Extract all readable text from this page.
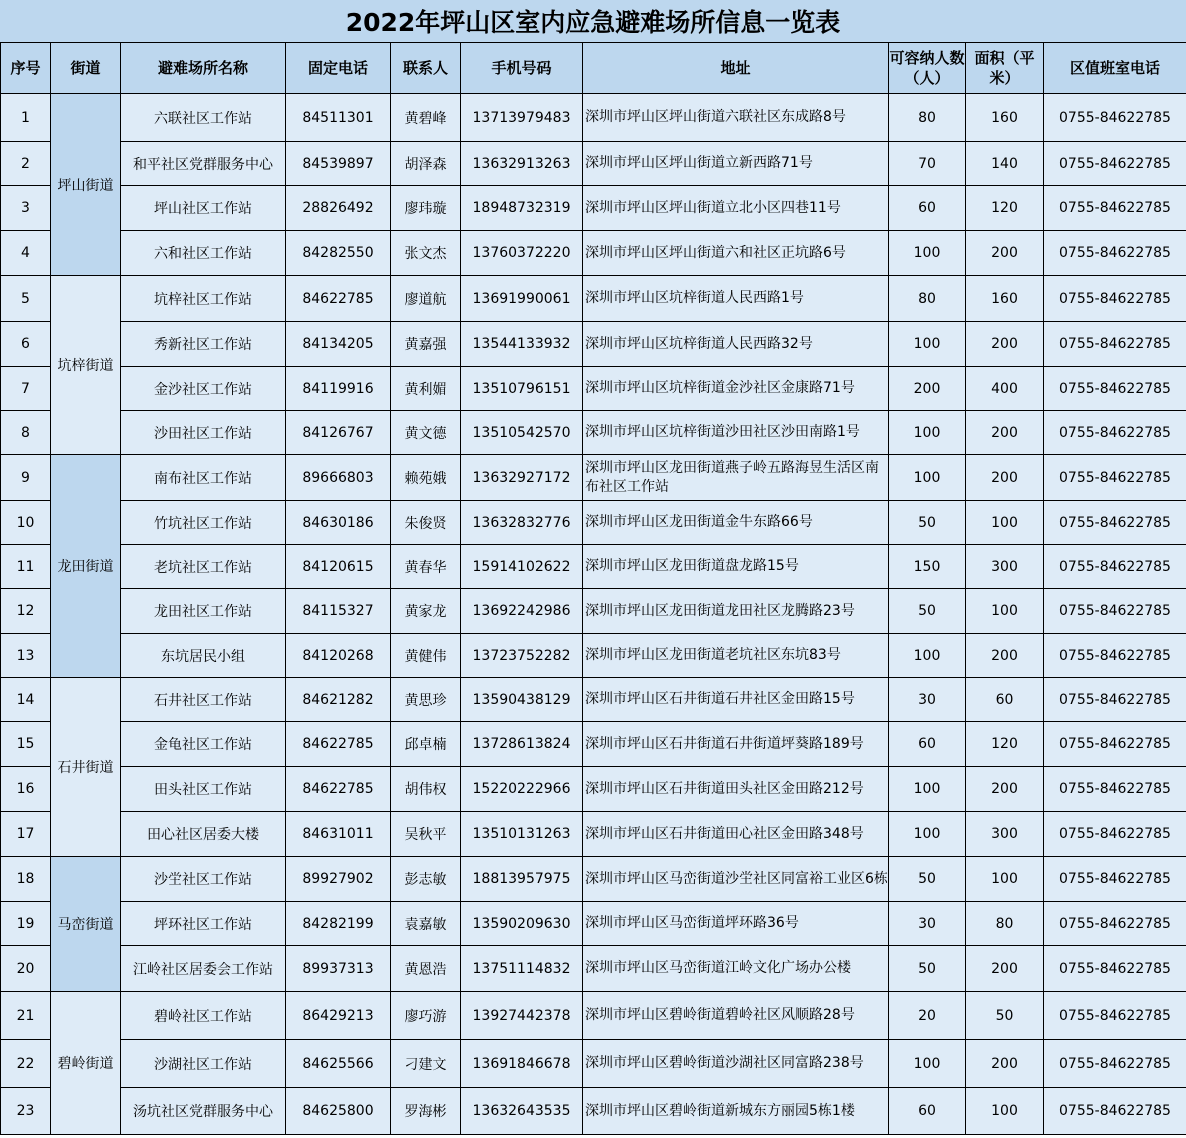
2022年坪山区室内应急避难场所信息一览表
序号	街道	避难场所名称	固定电话	联系人	手机号码	地址	可容纳人数（人）	面积（平米）	区值班室电话
1	坪山街道	六联社区工作站	84511301	黄碧峰	13713979483	深圳市坪山区坪山街道六联社区东成路8号	80	160	0755-84622785
2		和平社区党群服务中心	84539897	胡泽森	13632913263	深圳市坪山区坪山街道立新西路71号	70	140	0755-84622785
3		坪山社区工作站	28826492	廖玮璇	18948732319	深圳市坪山区坪山街道立北小区四巷11号	60	120	0755-84622785
4		六和社区工作站	84282550	张文杰	13760372220	深圳市坪山区坪山街道六和社区正坑路6号	100	200	0755-84622785
5	坑梓街道	坑梓社区工作站	84622785	廖道航	13691990061	深圳市坪山区坑梓街道人民西路1号	80	160	0755-84622785
6		秀新社区工作站	84134205	黄嘉强	13544133932	深圳市坪山区坑梓街道人民西路32号	100	200	0755-84622785
7		金沙社区工作站	84119916	黄利媚	13510796151	深圳市坪山区坑梓街道金沙社区金康路71号	200	400	0755-84622785
8		沙田社区工作站	84126767	黄文德	13510542570	深圳市坪山区坑梓街道沙田社区沙田南路1号	100	200	0755-84622785
9	龙田街道	南布社区工作站	89666803	赖苑娥	13632927172	深圳市坪山区龙田街道燕子岭五路海昱生活区南布社区工作站	100	200	0755-84622785
10		竹坑社区工作站	84630186	朱俊贤	13632832776	深圳市坪山区龙田街道金牛东路66号	50	100	0755-84622785
11		老坑社区工作站	84120615	黄春华	15914102622	深圳市坪山区龙田街道盘龙路15号	150	300	0755-84622785
12		龙田社区工作站	84115327	黄家龙	13692242986	深圳市坪山区龙田街道龙田社区龙腾路23号	50	100	0755-84622785
13		东坑居民小组	84120268	黄健伟	13723752282	深圳市坪山区龙田街道老坑社区东坑83号	100	200	0755-84622785
14	石井街道	石井社区工作站	84621282	黄思珍	13590438129	深圳市坪山区石井街道石井社区金田路15号	30	60	0755-84622785
15		金龟社区工作站	84622785	邱卓楠	13728613824	深圳市坪山区石井街道石井街道坪葵路189号	60	120	0755-84622785
16		田头社区工作站	84622785	胡伟权	15220222966	深圳市坪山区石井街道田头社区金田路212号	100	200	0755-84622785
17		田心社区居委大楼	84631011	吴秋平	13510131263	深圳市坪山区石井街道田心社区金田路348号	100	300	0755-84622785
18	马峦街道	沙坣社区工作站	89927902	彭志敏	18813957975	深圳市坪山区马峦街道沙坣社区同富裕工业区6栋	50	100	0755-84622785
19		坪环社区工作站	84282199	袁嘉敏	13590209630	深圳市坪山区马峦街道坪环路36号	30	80	0755-84622785
20		江岭社区居委会工作站	89937313	黄恩浩	13751114832	深圳市坪山区马峦街道江岭文化广场办公楼	50	200	0755-84622785
21	碧岭街道	碧岭社区工作站	86429213	廖巧游	13927442378	深圳市坪山区碧岭街道碧岭社区风顺路28号	20	50	0755-84622785
22		沙湖社区工作站	84625566	刁建文	13691846678	深圳市坪山区碧岭街道沙湖社区同富路238号	100	200	0755-84622785
23		汤坑社区党群服务中心	84625800	罗海彬	13632643535	深圳市坪山区碧岭街道新城东方丽园5栋1楼	60	100	0755-84622785
